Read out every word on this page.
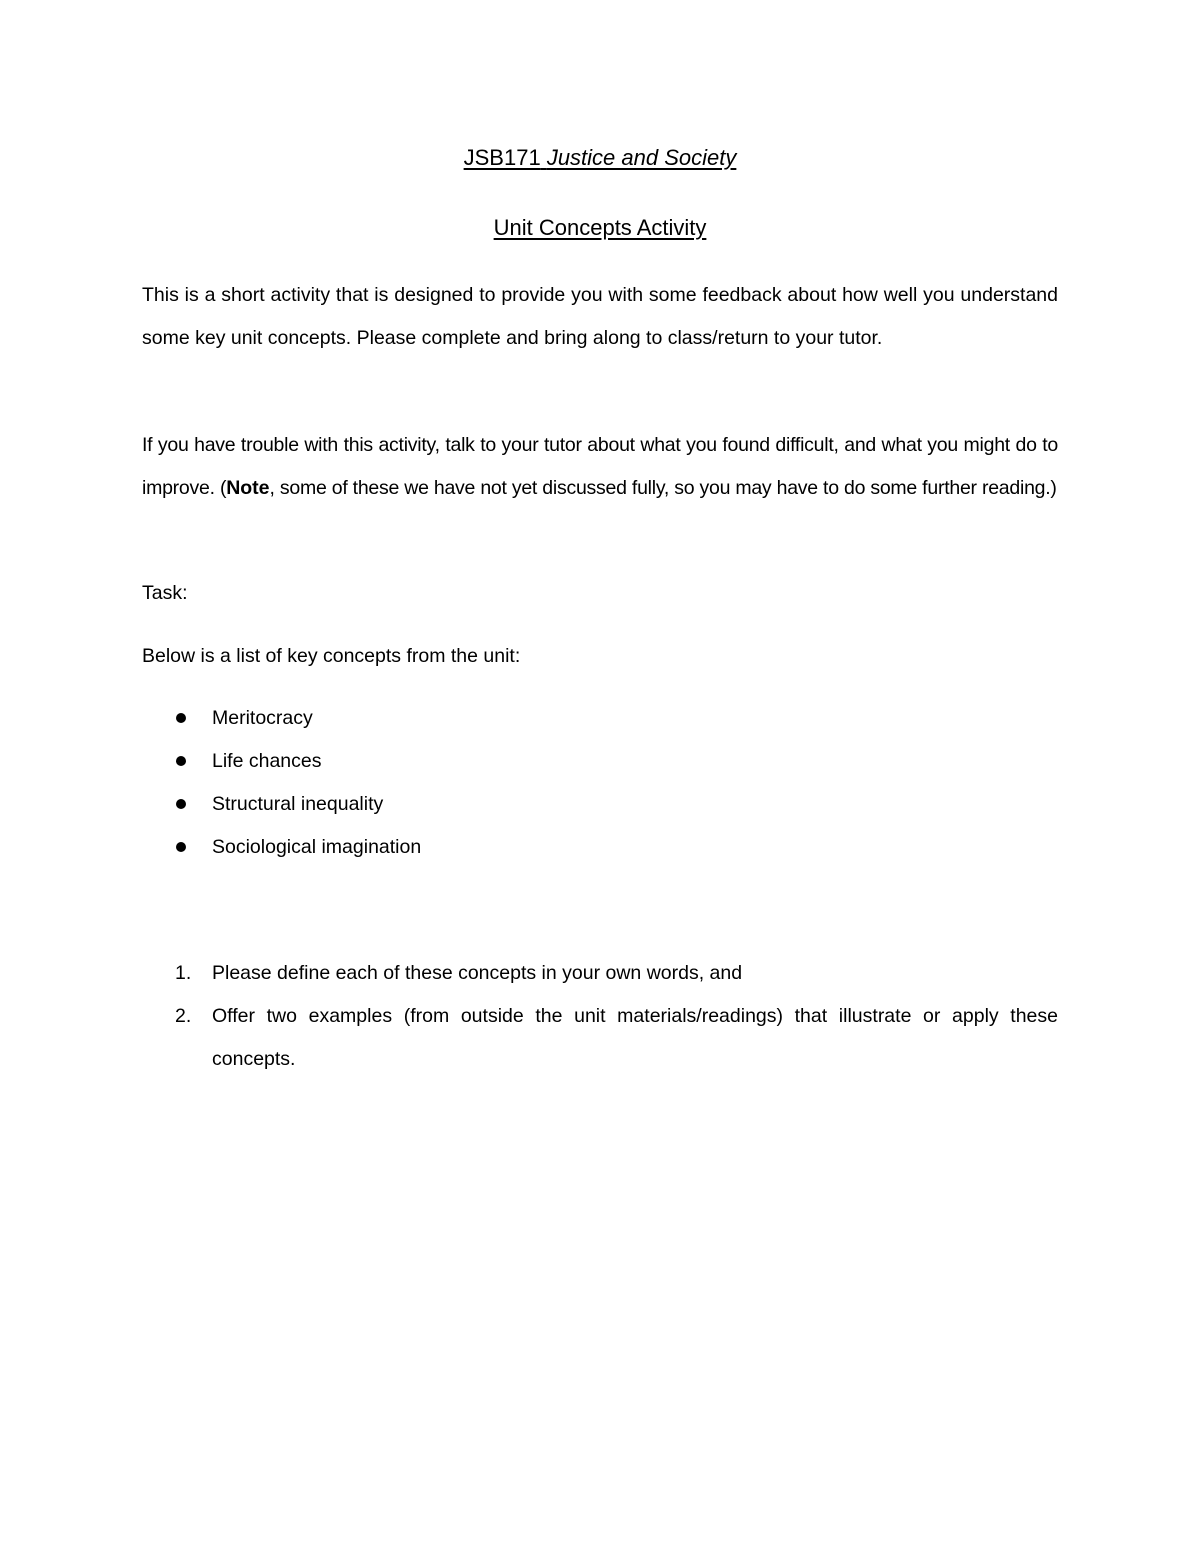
JSB171 Justice and Society
Unit Concepts Activity

This is a short activity that is designed to provide you with some feedback about how well you understand some key unit concepts. Please complete and bring along to class/return to your tutor.

If you have trouble with this activity, talk to your tutor about what you found difficult, and what you might do to improve. (Note, some of these we have not yet discussed fully, so you may have to do some further reading.)

Task:

Below is a list of key concepts from the unit:

Meritocracy
Life chances
Structural inequality
Sociological imagination
1. Please define each of these concepts in your own words, and
2. Offer two examples (from outside the unit materials/readings) that illustrate or apply these concepts.
